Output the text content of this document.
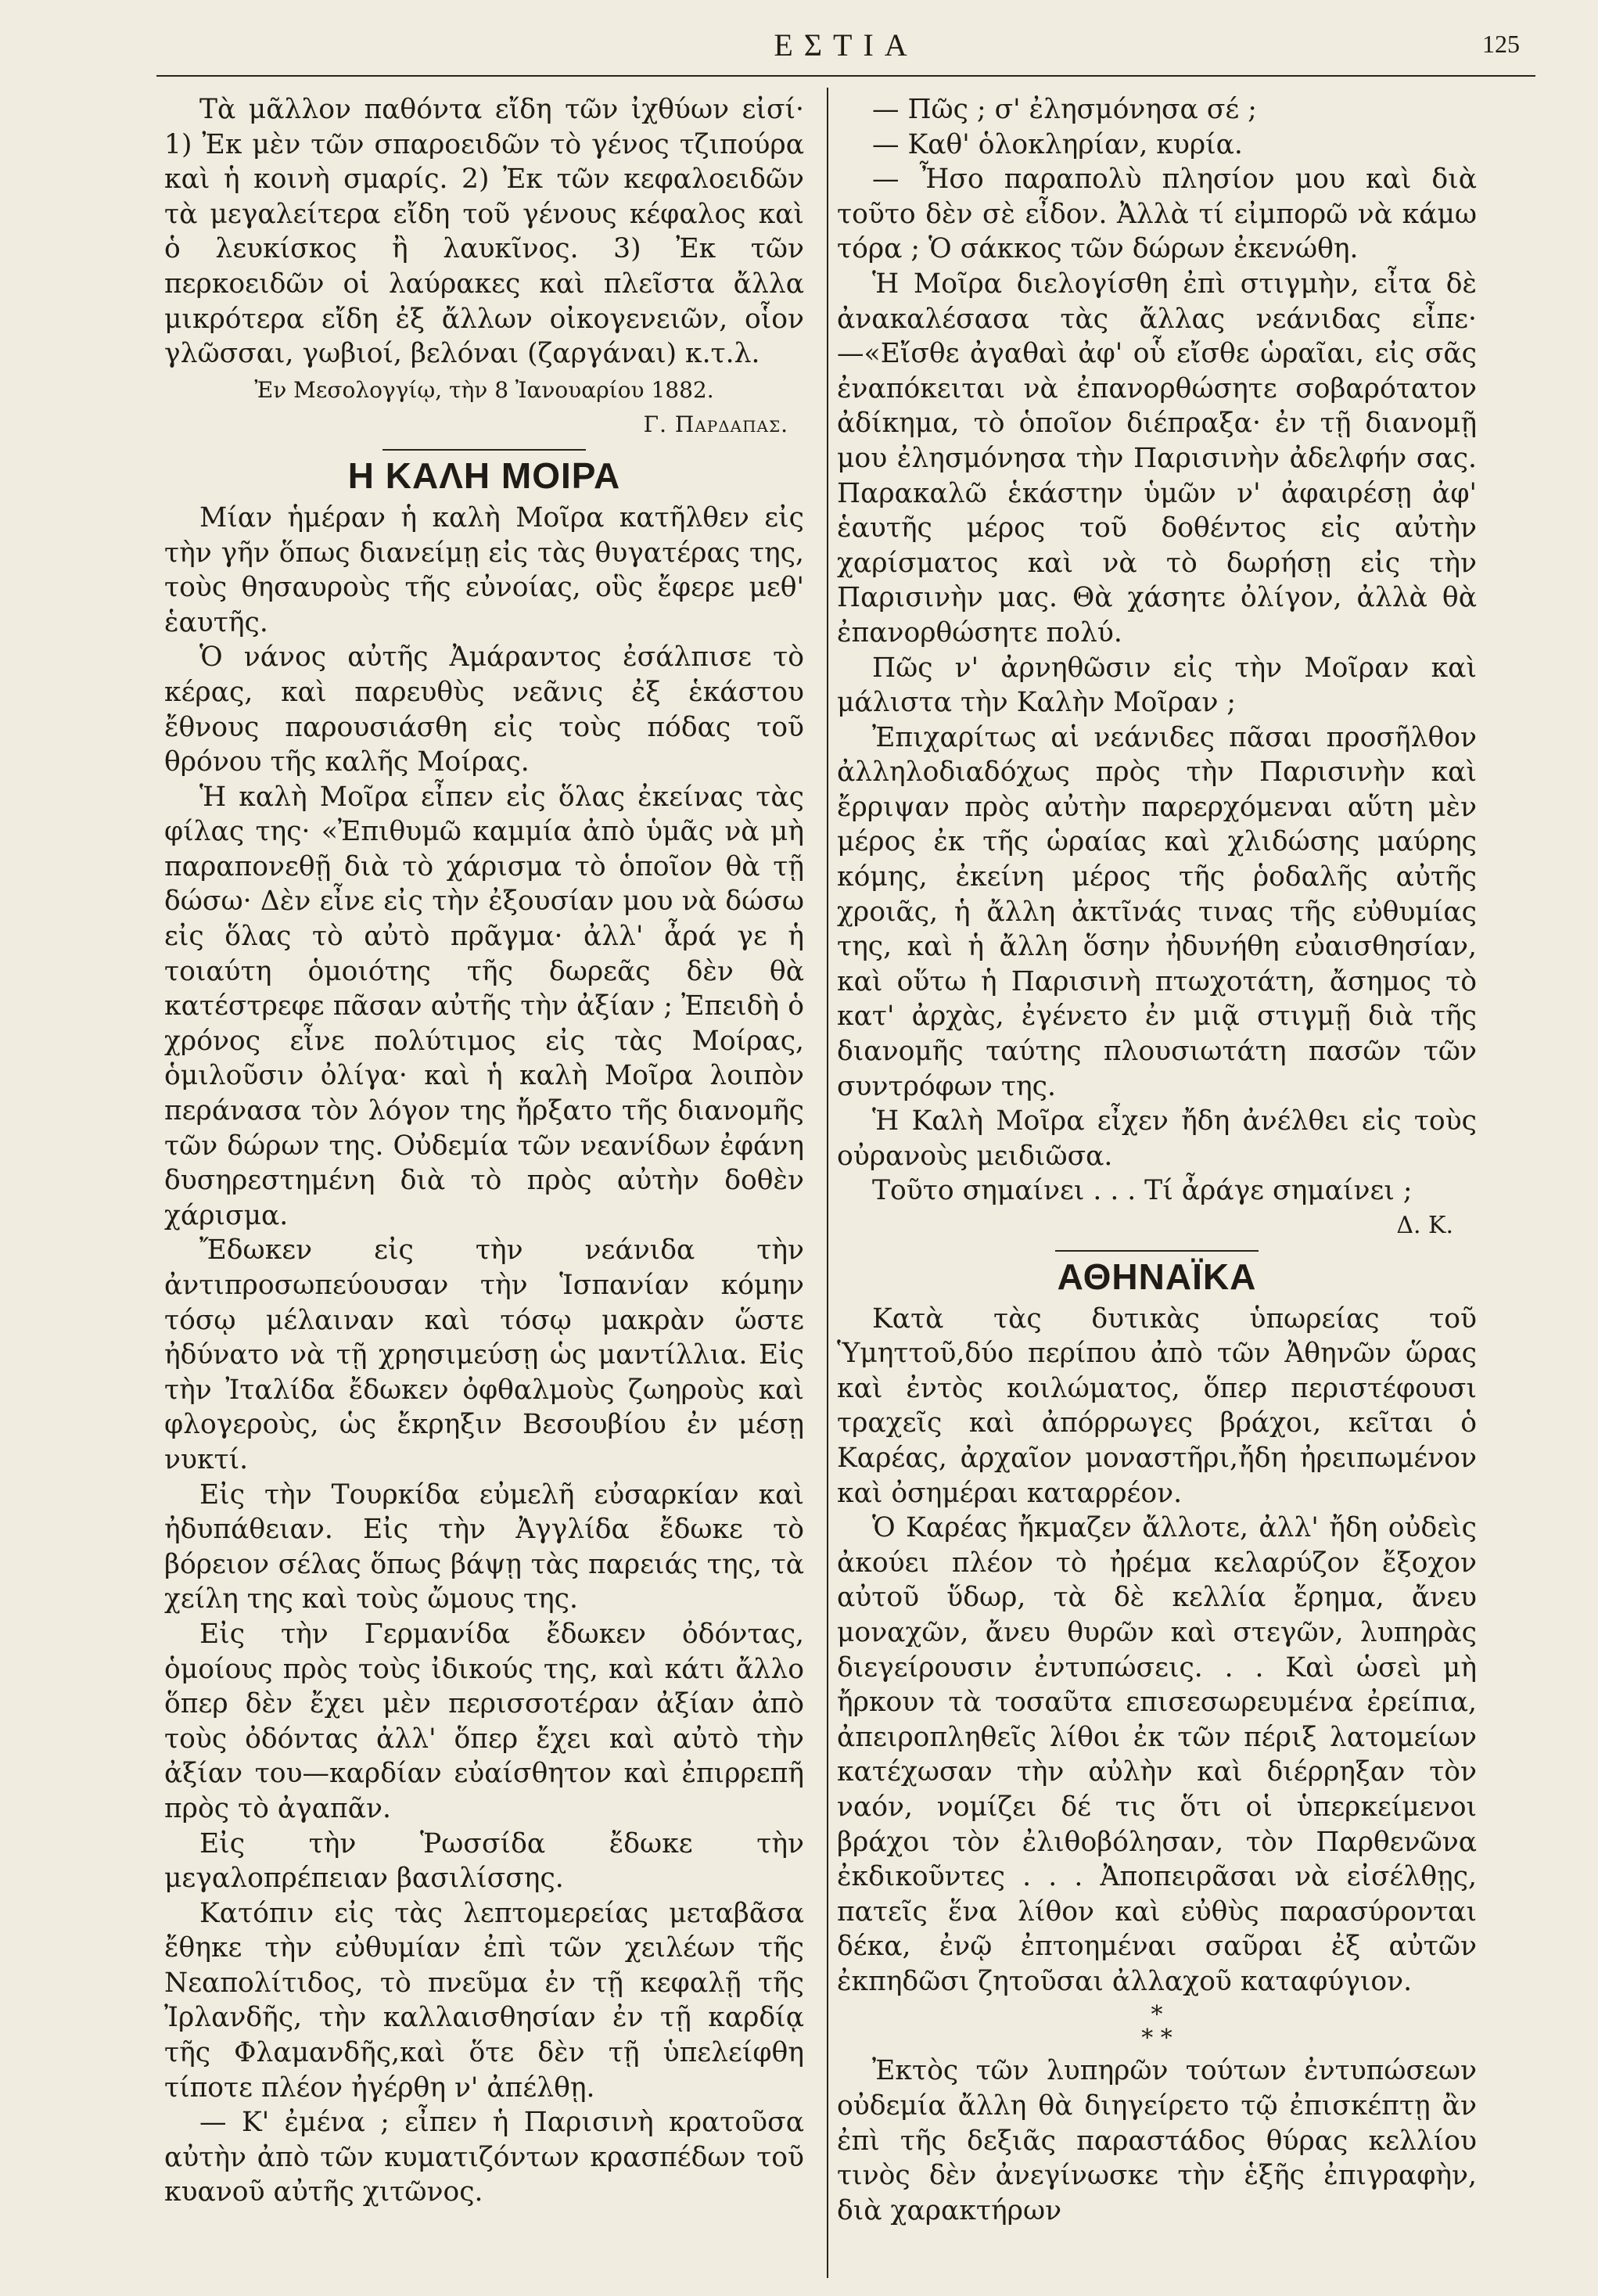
ΕΣΤΙΑ	125

Τὰ μᾶλλον παθόντα εἴδη τῶν ἰχθύων εἰσί· 1) Ἐκ μὲν τῶν σπαροειδῶν τὸ γένος τζιπούρα καὶ ἡ κοινὴ σμαρίς. 2) Ἐκ τῶν κεφαλοειδῶν τὰ μεγαλείτερα εἴδη τοῦ γένους κέφαλος καὶ ὁ λευκίσκος ἢ λαυκῖνος. 3) Ἐκ τῶν περκοειδῶν οἱ λαύρακες καὶ πλεῖστα ἄλλα μικρότερα εἴδη ἐξ ἄλλων οἰκογενειῶν, οἷον γλῶσσαι, γωβιοί, βελόναι (ζαργάναι) κ.τ.λ.

Ἐν Μεσολογγίῳ, τὴν 8 Ἰανουαρίου 1882.

Γ. Παρδαπας.

Η ΚΑΛΗ ΜΟΙΡΑ

Μίαν ἡμέραν ἡ καλὴ Μοῖρα κατῆλθεν εἰς τὴν γῆν ὅπως διανείμῃ εἰς τὰς θυγατέρας της, τοὺς θησαυροὺς τῆς εὐνοίας, οὓς ἔφερε μεθ' ἑαυτῆς.

Ὁ νάνος αὐτῆς Ἀμάραντος ἐσάλπισε τὸ κέρας, καὶ παρευθὺς νεᾶνις ἐξ ἑκάστου ἔθνους παρουσιάσθη εἰς τοὺς πόδας τοῦ θρόνου τῆς καλῆς Μοίρας.

Ἡ καλὴ Μοῖρα εἶπεν εἰς ὅλας ἐκείνας τὰς φίλας της· «Ἐπιθυμῶ καμμία ἀπὸ ὑμᾶς νὰ μὴ παραπονεθῇ διὰ τὸ χάρισμα τὸ ὁποῖον θὰ τῇ δώσω· Δὲν εἶνε εἰς τὴν ἐξουσίαν μου νὰ δώσω εἰς ὅλας τὸ αὐτὸ πρᾶγμα· ἀλλ' ἆρά γε ἡ τοιαύτη ὁμοιότης τῆς δωρεᾶς δὲν θὰ κατέστρεφε πᾶσαν αὐτῆς τὴν ἀξίαν ; Ἐπειδὴ ὁ χρόνος εἶνε πολύτιμος εἰς τὰς Μοίρας, ὁμιλοῦσιν ὀλίγα· καὶ ἡ καλὴ Μοῖρα λοιπὸν περάνασα τὸν λόγον της ἤρξατο τῆς διανομῆς τῶν δώρων της. Οὐδεμία τῶν νεανίδων ἐφάνη δυσηρεστημένη διὰ τὸ πρὸς αὐτὴν δοθὲν χάρισμα.

Ἔδωκεν εἰς τὴν νεάνιδα τὴν ἀντιπροσωπεύουσαν τὴν Ἱσπανίαν κόμην τόσῳ μέλαιναν καὶ τόσῳ μακρὰν ὥστε ἠδύνατο νὰ τῇ χρησιμεύσῃ ὡς μαντίλλια. Εἰς τὴν Ἰταλίδα ἔδωκεν ὀφθαλμοὺς ζωηροὺς καὶ φλογεροὺς, ὡς ἔκρηξιν Βεσουβίου ἐν μέσῃ νυκτί.

Εἰς τὴν Τουρκίδα εὐμελῆ εὐσαρκίαν καὶ ἠδυπάθειαν. Εἰς τὴν Ἀγγλίδα ἔδωκε τὸ βόρειον σέλας ὅπως βάψῃ τὰς παρειάς της, τὰ χείλη της καὶ τοὺς ὤμους της.

Εἰς τὴν Γερμανίδα ἔδωκεν ὀδόντας, ὁμοίους πρὸς τοὺς ἰδικούς της, καὶ κάτι ἄλλο ὅπερ δὲν ἔχει μὲν περισσοτέραν ἀξίαν ἀπὸ τοὺς ὀδόντας ἀλλ' ὅπερ ἔχει καὶ αὐτὸ τὴν ἀξίαν του—καρδίαν εὐαίσθητον καὶ ἐπιρρεπῆ πρὸς τὸ ἀγαπᾶν.

Εἰς τὴν Ῥωσσίδα ἔδωκε τὴν μεγαλοπρέπειαν βασιλίσσης.

Κατόπιν εἰς τὰς λεπτομερείας μεταβᾶσα ἔθηκε τὴν εὐθυμίαν ἐπὶ τῶν χειλέων τῆς Νεαπολίτιδος, τὸ πνεῦμα ἐν τῇ κεφαλῇ τῆς Ἰρλανδῆς, τὴν καλλαισθησίαν ἐν τῇ καρδίᾳ τῆς Φλαμανδῆς,καὶ ὅτε δὲν τῇ ὑπελείφθη τίποτε πλέον ἠγέρθη ν' ἀπέλθῃ.

— Κ' ἐμένα ; εἶπεν ἡ Παρισινὴ κρατοῦσα αὐτὴν ἀπὸ τῶν κυματιζόντων κρασπέδων τοῦ κυανοῦ αὐτῆς χιτῶνος.

— Πῶς ; σ' ἐλησμόνησα σέ ;

— Καθ' ὁλοκληρίαν, κυρία.

— Ἦσο παραπολὺ πλησίον μου καὶ διὰ τοῦτο δὲν σὲ εἶδον. Ἀλλὰ τί εἰμπορῶ νὰ κάμω τόρα ; Ὁ σάκκος τῶν δώρων ἐκενώθη.

Ἡ Μοῖρα διελογίσθη ἐπὶ στιγμὴν, εἶτα δὲ ἀνακαλέσασα τὰς ἄλλας νεάνιδας εἶπε·—«Εἴσθε ἀγαθαὶ ἀφ' οὗ εἴσθε ὡραῖαι, εἰς σᾶς ἐναπόκειται νὰ ἐπανορθώσητε σοβαρότατον ἀδίκημα, τὸ ὁποῖον διέπραξα· ἐν τῇ διανομῇ μου ἐλησμόνησα τὴν Παρισινὴν ἀδελφήν σας. Παρακαλῶ ἑκάστην ὑμῶν ν' ἀφαιρέσῃ ἀφ' ἑαυτῆς μέρος τοῦ δοθέντος εἰς αὐτὴν χαρίσματος καὶ νὰ τὸ δωρήσῃ εἰς τὴν Παρισινὴν μας. Θὰ χάσητε ὀλίγον, ἀλλὰ θὰ ἐπανορθώσητε πολύ.

Πῶς ν' ἀρνηθῶσιν εἰς τὴν Μοῖραν καὶ μάλιστα τὴν Καλὴν Μοῖραν ;

Ἐπιχαρίτως αἱ νεάνιδες πᾶσαι προσῆλθον ἀλληλοδιαδόχως πρὸς τὴν Παρισινὴν καὶ ἔρριψαν πρὸς αὐτὴν παρερχόμεναι αὕτη μὲν μέρος ἐκ τῆς ὡραίας καὶ χλιδώσης μαύρης κόμης, ἐκείνη μέρος τῆς ῥοδαλῆς αὐτῆς χροιᾶς, ἡ ἄλλη ἀκτῖνάς τινας τῆς εὐθυμίας της, καὶ ἡ ἄλλη ὅσην ἠδυνήθη εὐαισθησίαν, καὶ οὕτω ἡ Παρισινὴ πτωχοτάτη, ἄσημος τὸ κατ' ἀρχὰς, ἐγένετο ἐν μιᾷ στιγμῇ διὰ τῆς διανομῆς ταύτης πλουσιωτάτη πασῶν τῶν συντρόφων της.

Ἡ Καλὴ Μοῖρα εἶχεν ἤδη ἀνέλθει εἰς τοὺς οὐρανοὺς μειδιῶσα.

Τοῦτο σημαίνει . . . Τί ἆράγε σημαίνει ;

Δ. Κ.

ΑΘΗΝΑΪΚΑ

Κατὰ τὰς δυτικὰς ὑπωρείας τοῦ Ὑμηττοῦ,δύο περίπου ἀπὸ τῶν Ἀθηνῶν ὥρας καὶ ἐντὸς κοιλώματος, ὅπερ περιστέφουσι τραχεῖς καὶ ἀπόρρωγες βράχοι, κεῖται ὁ Καρέας, ἀρχαῖον μοναστῆρι,ἤδη ἠρειπωμένον καὶ ὀσημέραι καταρρέον.

Ὁ Καρέας ἤκμαζεν ἄλλοτε, ἀλλ' ἤδη οὐδεὶς ἀκούει πλέον τὸ ἠρέμα κελαρύζον ἔξοχον αὐτοῦ ὕδωρ, τὰ δὲ κελλία ἔρημα, ἄνευ μοναχῶν, ἄνευ θυρῶν καὶ στεγῶν, λυπηρὰς διεγείρουσιν ἐντυπώσεις. . . Καὶ ὡσεὶ μὴ ἤρκουν τὰ τοσαῦτα επισεσωρευμένα ἐρείπια, ἀπειροπληθεῖς λίθοι ἐκ τῶν πέριξ λατομείων κατέχωσαν τὴν αὐλὴν καὶ διέρρηξαν τὸν ναόν, νομίζει δέ τις ὅτι οἱ ὑπερκείμενοι βράχοι τὸν ἐλιθοβόλησαν, τὸν Παρθενῶνα ἐκδικοῦντες . . . Ἀποπειρᾶσαι νὰ εἰσέλθῃς, πατεῖς ἕνα λίθον καὶ εὐθὺς παρασύρονται δέκα, ἐνῷ ἐπτοημέναι σαῦραι ἐξ αὐτῶν ἐκπηδῶσι ζητοῦσαι ἀλλαχοῦ καταφύγιον.

*
* *

Ἐκτὸς τῶν λυπηρῶν τούτων ἐντυπώσεων οὐδεμία ἄλλη θὰ διηγείρετο τῷ ἐπισκέπτῃ ἂν ἐπὶ τῆς δεξιᾶς παραστάδος θύρας κελλίου τινὸς δὲν ἀνεγίνωσκε τὴν ἑξῆς ἐπιγραφὴν, διὰ χαρακτήρων
